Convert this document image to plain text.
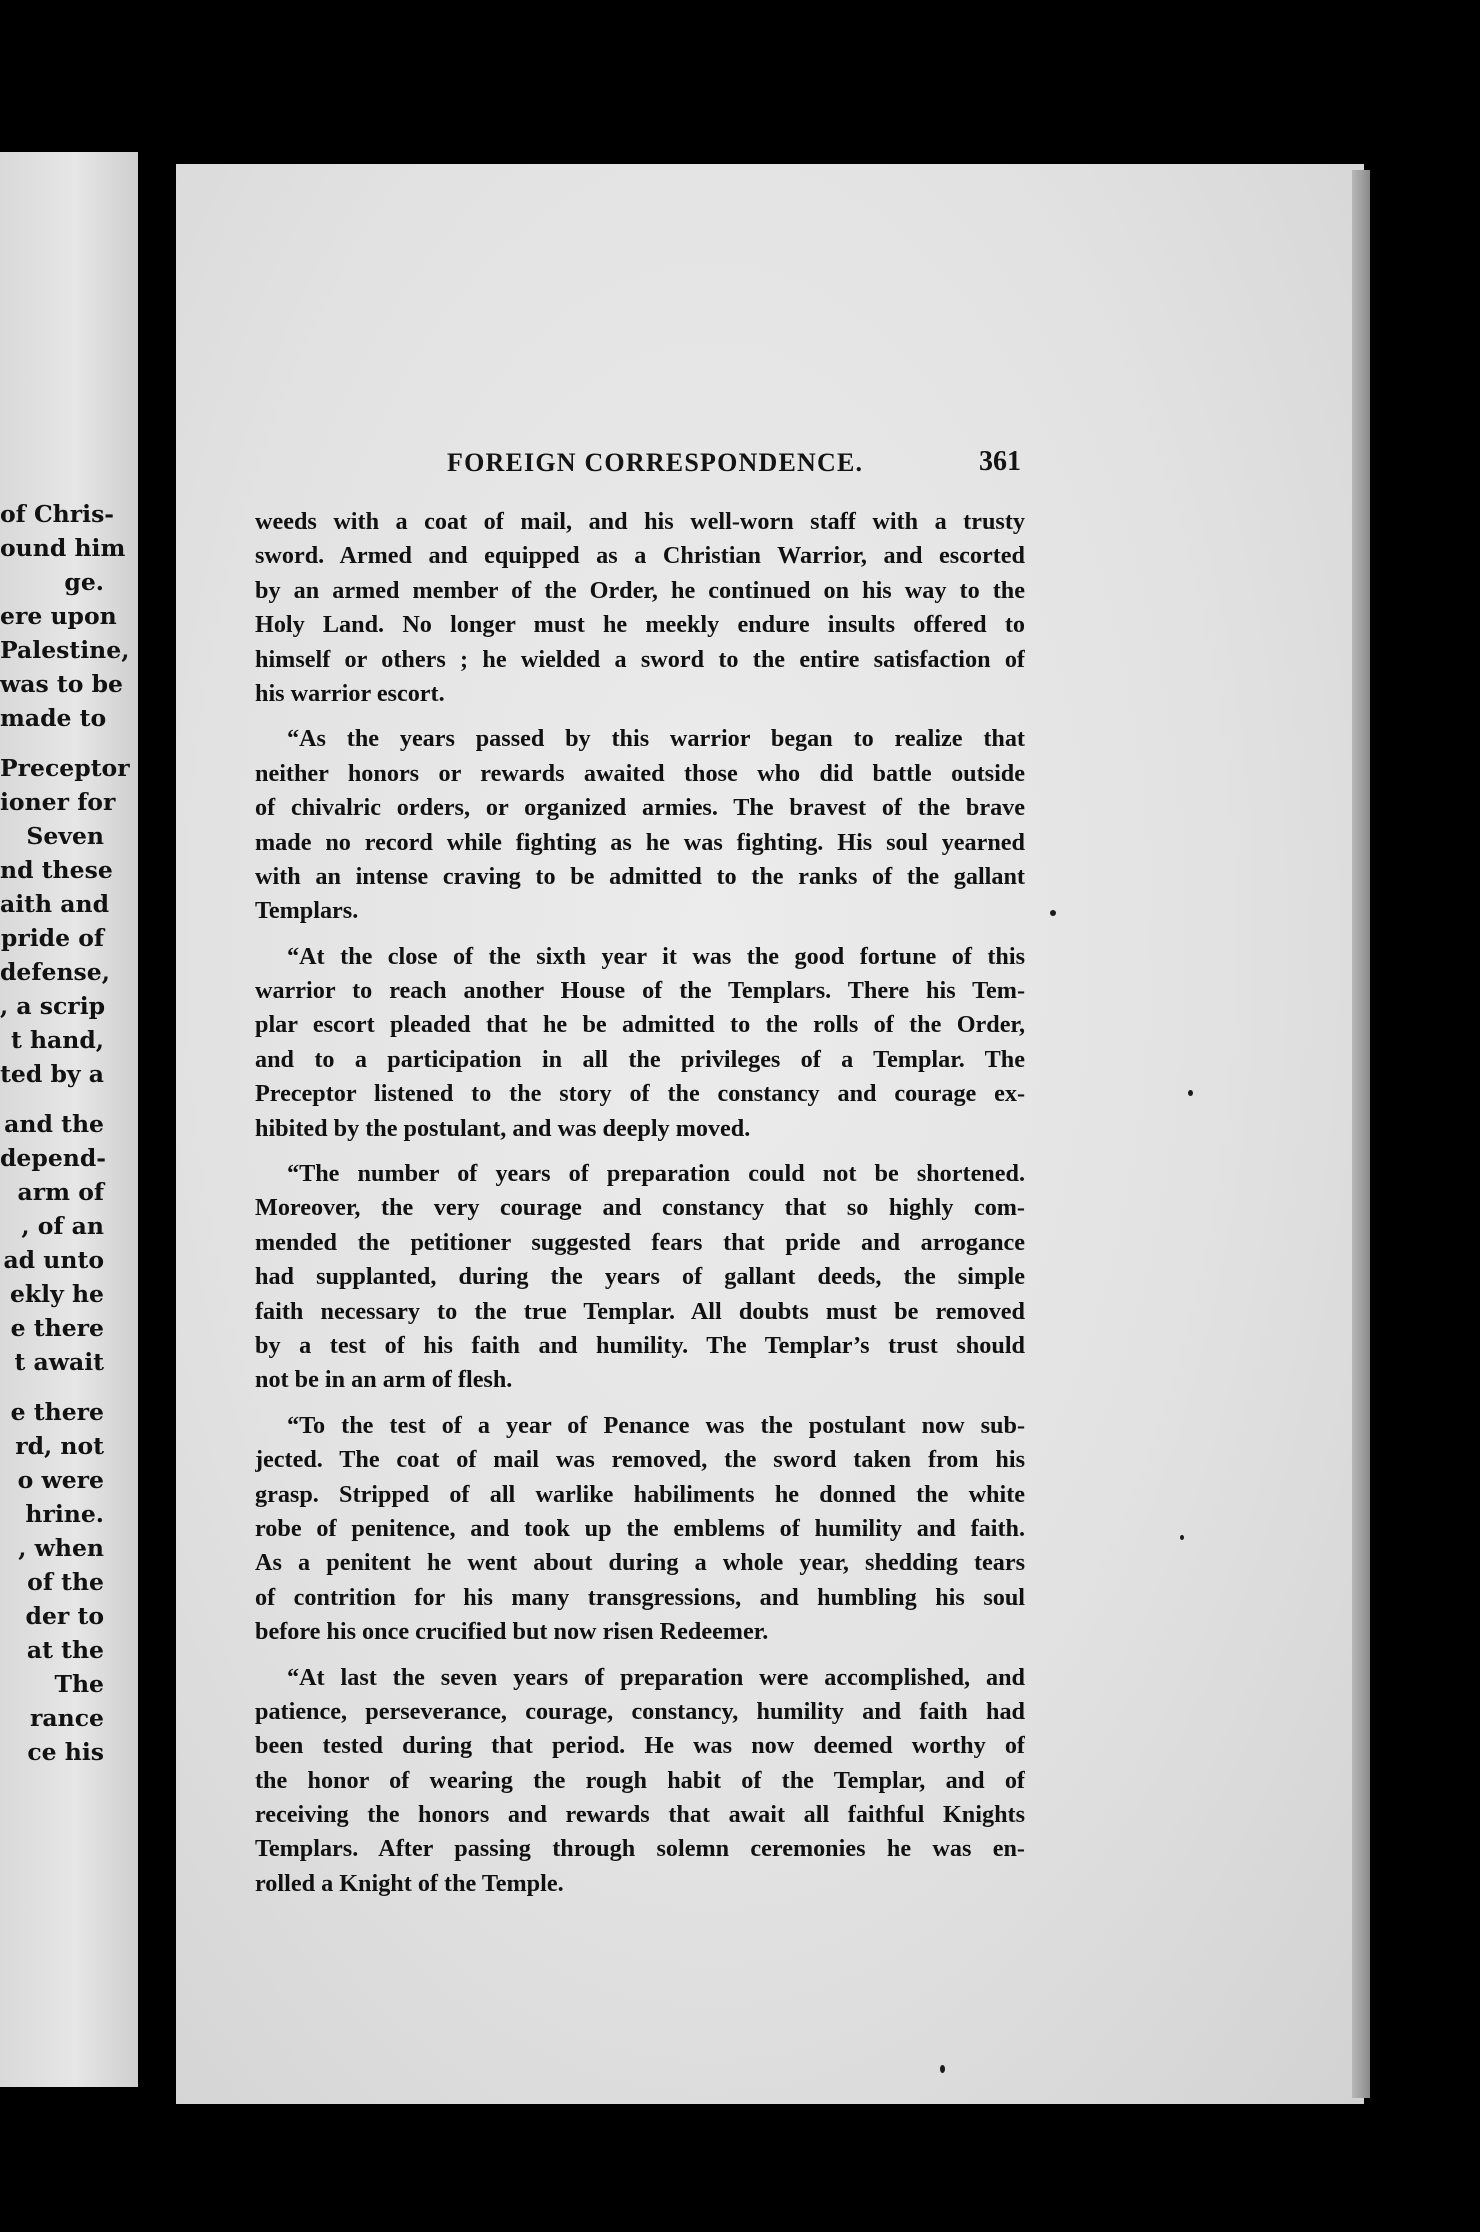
of Chris-
ound him
ge.
ere upon
Palestine,
was to be
made to
Preceptor
ioner for
Seven
nd these
aith and
pride of
defense,
, a scrip
t hand,
ted by a
and the
depend-
arm of
, of an
ad unto
ekly he
e there
t await
e there
rd, not
o were
hrine.
, when
of the
der to
at the
The
rance
ce his
FOREIGN CORRESPONDENCE.	361
weeds with a coat of mail, and his well-worn staff with a trusty
sword. Armed and equipped as a Christian Warrior, and escorted
by an armed member of the Order, he continued on his way to the
Holy Land. No longer must he meekly endure insults offered to
himself or others ; he wielded a sword to the entire satisfaction of
his warrior escort.
“As the years passed by this warrior began to realize that
neither honors or rewards awaited those who did battle outside
of chivalric orders, or organized armies. The bravest of the brave
made no record while fighting as he was fighting. His soul yearned
with an intense craving to be admitted to the ranks of the gallant
Templars.
“At the close of the sixth year it was the good fortune of this
warrior to reach another House of the Templars. There his Tem-
plar escort pleaded that he be admitted to the rolls of the Order,
and to a participation in all the privileges of a Templar. The
Preceptor listened to the story of the constancy and courage ex-
hibited by the postulant, and was deeply moved.
“The number of years of preparation could not be shortened.
Moreover, the very courage and constancy that so highly com-
mended the petitioner suggested fears that pride and arrogance
had supplanted, during the years of gallant deeds, the simple
faith necessary to the true Templar. All doubts must be removed
by a test of his faith and humility. The Templar’s trust should
not be in an arm of flesh.
“To the test of a year of Penance was the postulant now sub-
jected. The coat of mail was removed, the sword taken from his
grasp. Stripped of all warlike habiliments he donned the white
robe of penitence, and took up the emblems of humility and faith.
As a penitent he went about during a whole year, shedding tears
of contrition for his many transgressions, and humbling his soul
before his once crucified but now risen Redeemer.
“At last the seven years of preparation were accomplished, and
patience, perseverance, courage, constancy, humility and faith had
been tested during that period. He was now deemed worthy of
the honor of wearing the rough habit of the Templar, and of
receiving the honors and rewards that await all faithful Knights
Templars. After passing through solemn ceremonies he was en-
rolled a Knight of the Temple.
